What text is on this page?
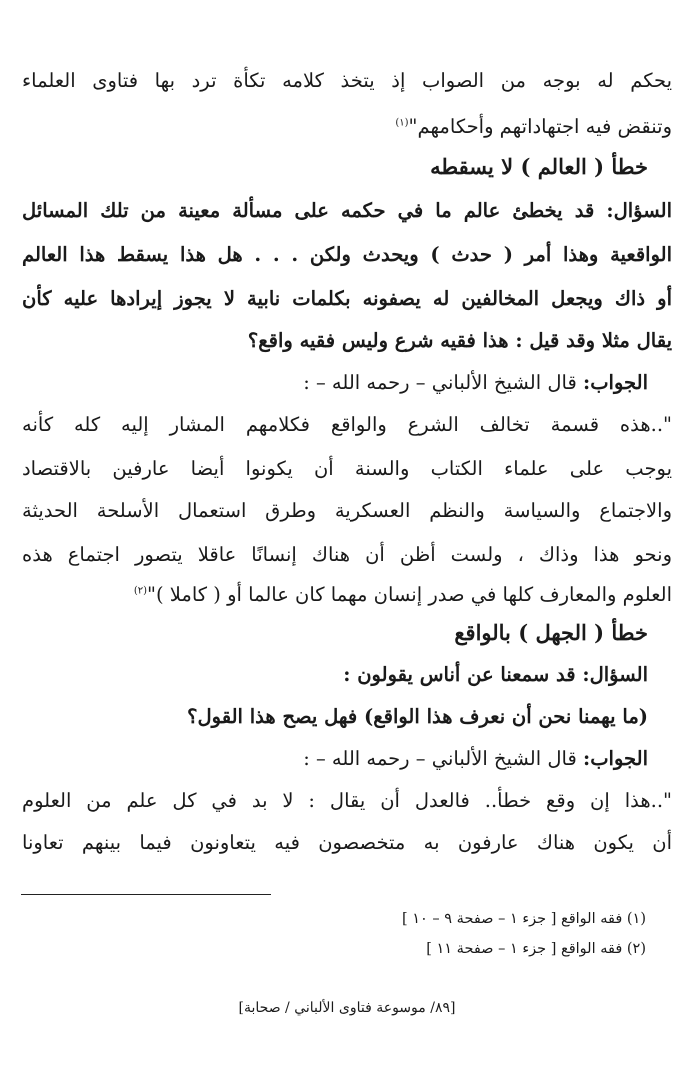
يحكم له بوجه من الصواب إذ يتخذ كلامه تكأة ترد بها فتاوى العلماء
وتنقض فيه اجتهاداتهم وأحكامهم"$^{(١)}$
خطأ ( العالم ) لا يسقطه
السؤال: قد يخطئ عالم ما في حكمه على مسألة معينة من تلك المسائل
الواقعية وهذا أمر ( حدث ) ويحدث ولكن . . . هل هذا يسقط هذا العالم
أو ذاك ويجعل المخالفين له يصفونه بكلمات نابية لا يجوز إيرادها عليه كأن
يقال مثلا وقد قيل : هذا فقيه شرع وليس فقيه واقع؟
الجواب: قال الشيخ الألباني – رحمه الله – :
"..هذه قسمة تخالف الشرع والواقع فكلامهم المشار إليه كله كأنه
يوجب على علماء الكتاب والسنة أن يكونوا أيضا عارفين بالاقتصاد
والاجتماع والسياسة والنظم العسكرية وطرق استعمال الأسلحة الحديثة
ونحو هذا وذاك ، ولست أظن أن هناك إنسانًا عاقلا يتصور اجتماع هذه
العلوم والمعارف كلها في صدر إنسان مهما كان عالما أو ( كاملا )"$^{(٢)}$
خطأ ( الجهل ) بالواقع
السؤال: قد سمعنا عن أناس يقولون :
(ما يهمنا نحن أن نعرف هذا الواقع) فهل يصح هذا القول؟
الجواب: قال الشيخ الألباني – رحمه الله – :
"..هذا إن وقع خطأ.. فالعدل أن يقال : لا بد في كل علم من العلوم
أن يكون هناك عارفون به متخصصون فيه يتعاونون فيما بينهم تعاونا
(١) فقه الواقع [ جزء ١ – صفحة ٩ – ١٠ ]
(٢) فقه الواقع [ جزء ١ – صفحة ١١ ]
[٨٩/ موسوعة فتاوى الألباني / صحابة]
